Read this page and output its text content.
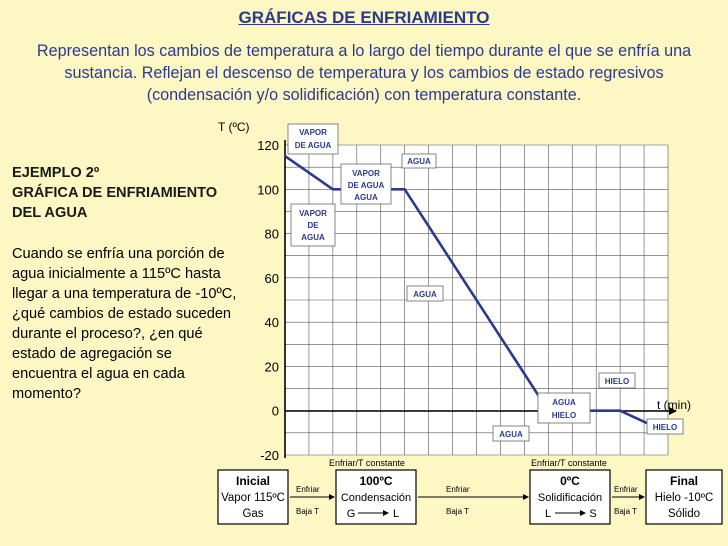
GRÁFICAS DE ENFRIAMIENTO
Representan los cambios de temperatura a lo largo del tiempo durante el que se enfría una sustancia. Reflejan el descenso de temperatura y los cambios de estado regresivos (condensación y/o solidificación) con temperatura constante.
EJEMPLO 2º
GRÁFICA DE ENFRIAMIENTO
DEL AGUA
Cuando se enfría una porción de agua inicialmente a 115ºC hasta llegar a una temperatura de -10ºC, ¿qué cambios de estado suceden durante el proceso?, ¿en qué estado de agregación se encuentra el agua en cada momento?
T (ºC)
t (min)
120
100
80
60
40
20
0
-20
VAPOR
DE AGUA
AGUA
VAPOR
DE AGUA
AGUA
VAPOR
DE
AGUA
AGUA
HIELO
AGUA
HIELO
AGUA
HIELO
Enfriar/T constante	Enfriar/T constante
Inicial
Vapor 115ºC
Gas
Enfriar
Baja T
100ºC
Condensación
G	L
Enfriar
Baja T
0ºC
Solidificación
L	S
Enfriar
Baja T
Final
Hielo -10ºC
Sólido
